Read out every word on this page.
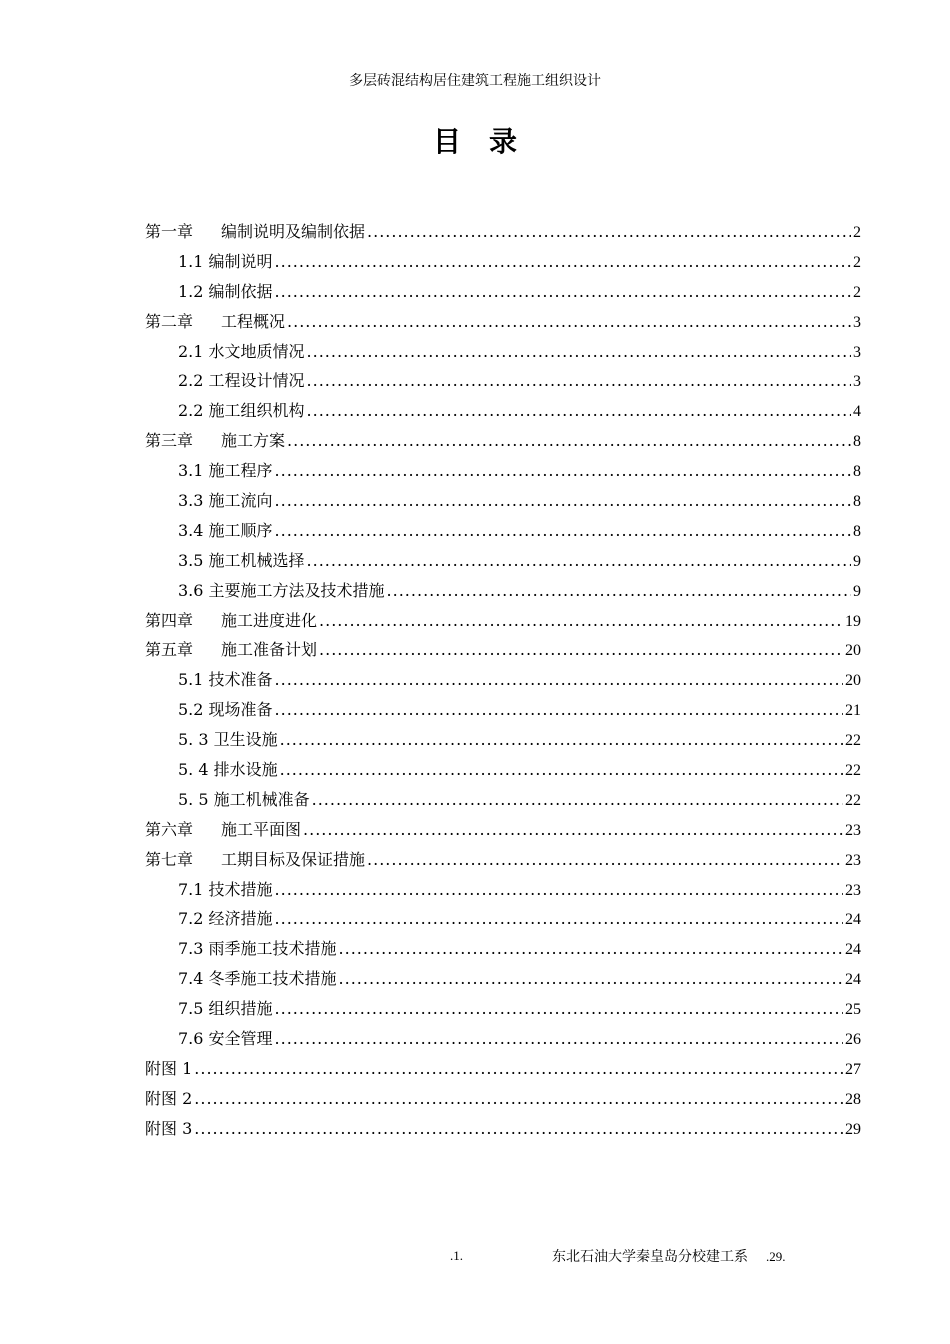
多层砖混结构居住建筑工程施工组织设计
目　录
第一章 编制说明及编制依据 .....	2
1.1 编制说明 .....	2
1.2 编制依据 .....	2
第二章 工程概况 .....	3
2.1 水文地质情况 .....	3
2.2 工程设计情况 .....	3
2.2 施工组织机构 .....	4
第三章 施工方案 .....	8
3.1 施工程序 .....	8
3.3 施工流向 .....	8
3.4 施工顺序 .....	8
3.5 施工机械选择 .....	9
3.6 主要施工方法及技术措施 .....	9
第四章 施工进度进化 .....	19
第五章 施工准备计划 .....	20
5.1 技术准备 .....	20
5.2 现场准备 .....	21
5. 3 卫生设施 .....	22
5. 4 排水设施 .....	22
5. 5 施工机械准备 .....	22
第六章 施工平面图 .....	23
第七章 工期目标及保证措施 .....	23
7.1 技术措施 .....	23
7.2 经济措施 .....	24
7.3 雨季施工技术措施 .....	24
7.4 冬季施工技术措施 .....	24
7.5 组织措施 .....	25
7.6 安全管理 .....	26
附图 1 .....	27
附图 2 .....	28
附图 3 .....	29
.1.	东北石油大学秦皇岛分校建工系 .29.
